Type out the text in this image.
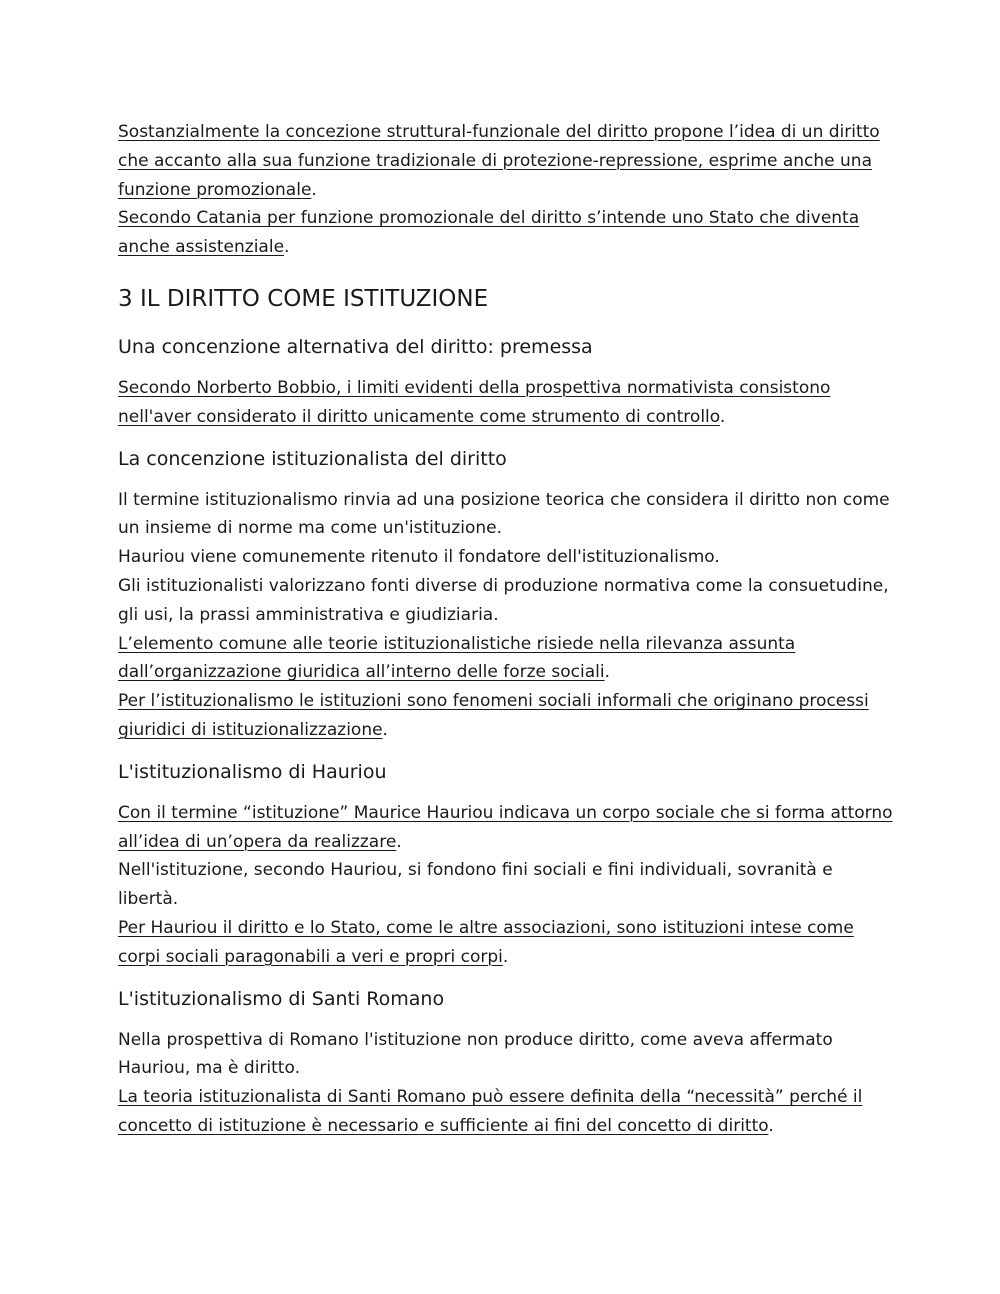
Sostanzialmente la concezione struttural-funzionale del diritto propone l’idea di un diritto che accanto alla sua funzione tradizionale di protezione-repressione, esprime anche una funzione promozionale.

Secondo Catania per funzione promozionale del diritto s’intende uno Stato che diventa anche assistenziale.

3 IL DIRITTO COME ISTITUZIONE
Una concenzione alternativa del diritto: premessa

Secondo Norberto Bobbio, i limiti evidenti della prospettiva normativista consistono nell'aver considerato il diritto unicamente come strumento di controllo.

La concenzione istituzionalista del diritto

Il termine istituzionalismo rinvia ad una posizione teorica che considera il diritto non come un insieme di norme ma come un'istituzione.

Hauriou viene comunemente ritenuto il fondatore dell'istituzionalismo.

Gli istituzionalisti valorizzano fonti diverse di produzione normativa come la consuetudine, gli usi, la prassi amministrativa e giudiziaria.

L’elemento comune alle teorie istituzionalistiche risiede nella rilevanza assunta dall’organizzazione giuridica all’interno delle forze sociali.

Per l’istituzionalismo le istituzioni sono fenomeni sociali informali che originano processi giuridici di istituzionalizzazione.

L'istituzionalismo di Hauriou

Con il termine “istituzione” Maurice Hauriou indicava un corpo sociale che si forma attorno all’idea di un’opera da realizzare.

Nell'istituzione, secondo Hauriou, si fondono fini sociali e fini individuali, sovranità e libertà.

Per Hauriou il diritto e lo Stato, come le altre associazioni, sono istituzioni intese come corpi sociali paragonabili a veri e propri corpi.

L'istituzionalismo di Santi Romano

Nella prospettiva di Romano l'istituzione non produce diritto, come aveva affermato Hauriou, ma è diritto.

La teoria istituzionalista di Santi Romano può essere definita della “necessità” perché il concetto di istituzione è necessario e sufficiente ai fini del concetto di diritto.
